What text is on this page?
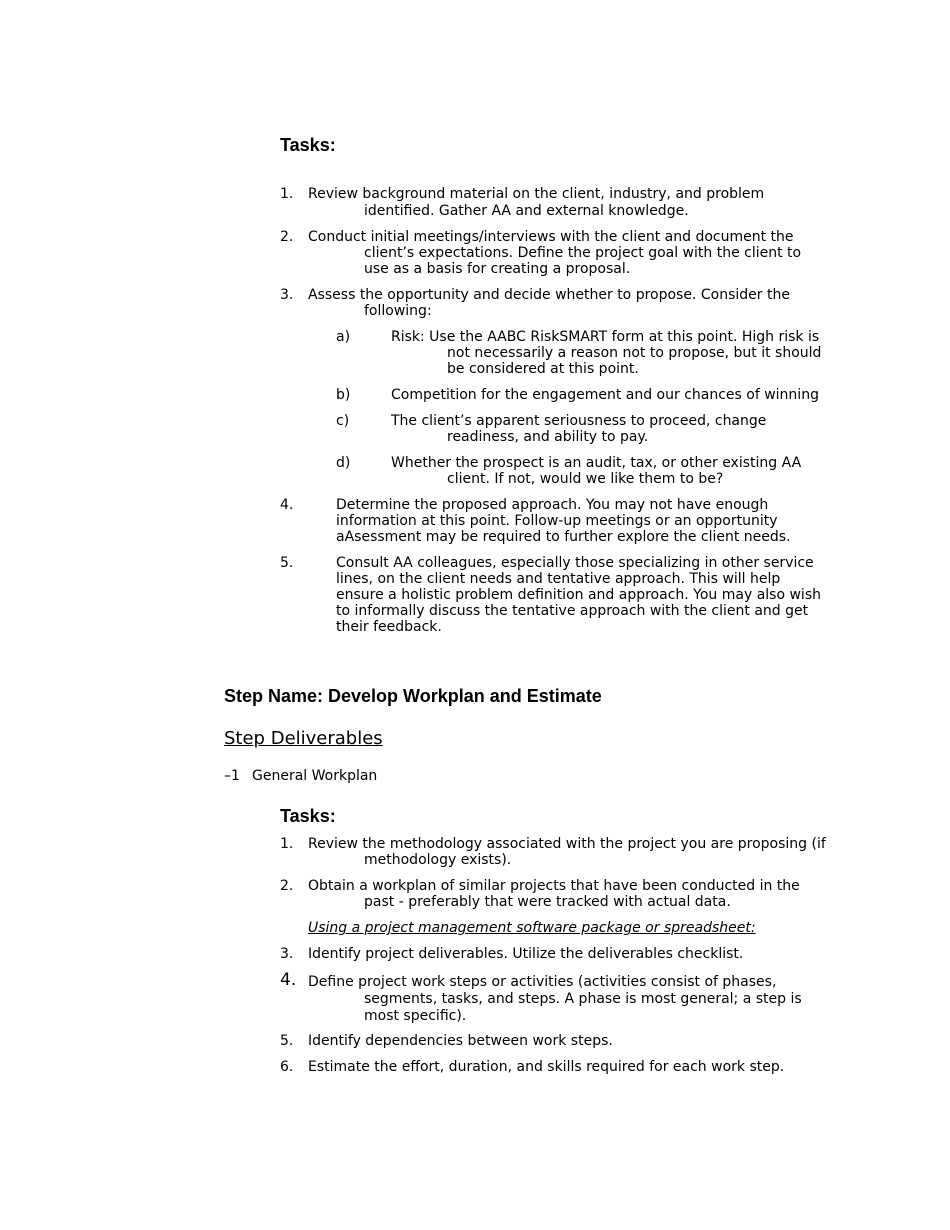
Tasks:
1. Review background material on the client, industry, and problem
identified. Gather AA and external knowledge.
2. Conduct initial meetings/interviews with the client and document the
client’s expectations. Define the project goal with the client to
use as a basis for creating a proposal.
3. Assess the opportunity and decide whether to propose. Consider the
following:
a)	Risk: Use the AABC RiskSMART form at this point. High risk is
not necessarily a reason not to propose, but it should
be considered at this point.
b)	Competition for the engagement and our chances of winning
c)	The client’s apparent seriousness to proceed, change
readiness, and ability to pay.
d)	Whether the prospect is an audit, tax, or other existing AA
client. If not, would we like them to be?
4.	Determine the proposed approach. You may not have enough
information at this point. Follow-up meetings or an opportunity
aAsessment may be required to further explore the client needs.
5.	Consult AA colleagues, especially those specializing in other service
lines, on the client needs and tentative approach. This will help
ensure a holistic problem definition and approach. You may also wish
to informally discuss the tentative approach with the client and get
their feedback.
Step Name: Develop Workplan and Estimate
Step Deliverables
–1 General Workplan
Tasks:
1. Review the methodology associated with the project you are proposing (if
methodology exists).
2. Obtain a workplan of similar projects that have been conducted in the
past - preferably that were tracked with actual data.
Using a project management software package or spreadsheet:
3. Identify project deliverables. Utilize the deliverables checklist.
4. Define project work steps or activities (activities consist of phases,
segments, tasks, and steps. A phase is most general; a step is
most specific).
5. Identify dependencies between work steps.
6. Estimate the effort, duration, and skills required for each work step.
